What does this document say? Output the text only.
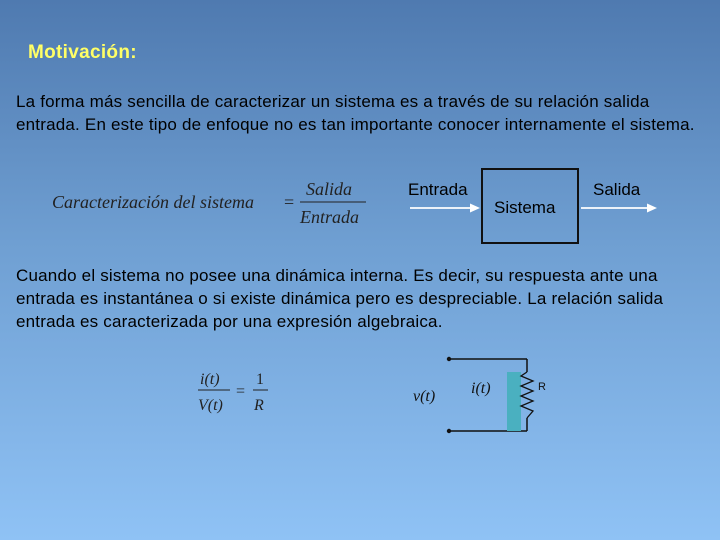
Motivación:
La forma más sencilla de caracterizar un sistema es a través de su relación salida entrada. En este tipo de enfoque no es tan importante conocer internamente el sistema.
Caracterización del sistema =
Salida
Entrada
Entrada
Sistema
Salida
Cuando el sistema no posee una dinámica interna. Es decir, su respuesta ante una entrada es instantánea o si existe dinámica pero es despreciable. La relación salida entrada es caracterizada por una expresión algebraica.
i(t)
V(t)
=
1
R
v(t) i(t)	R
